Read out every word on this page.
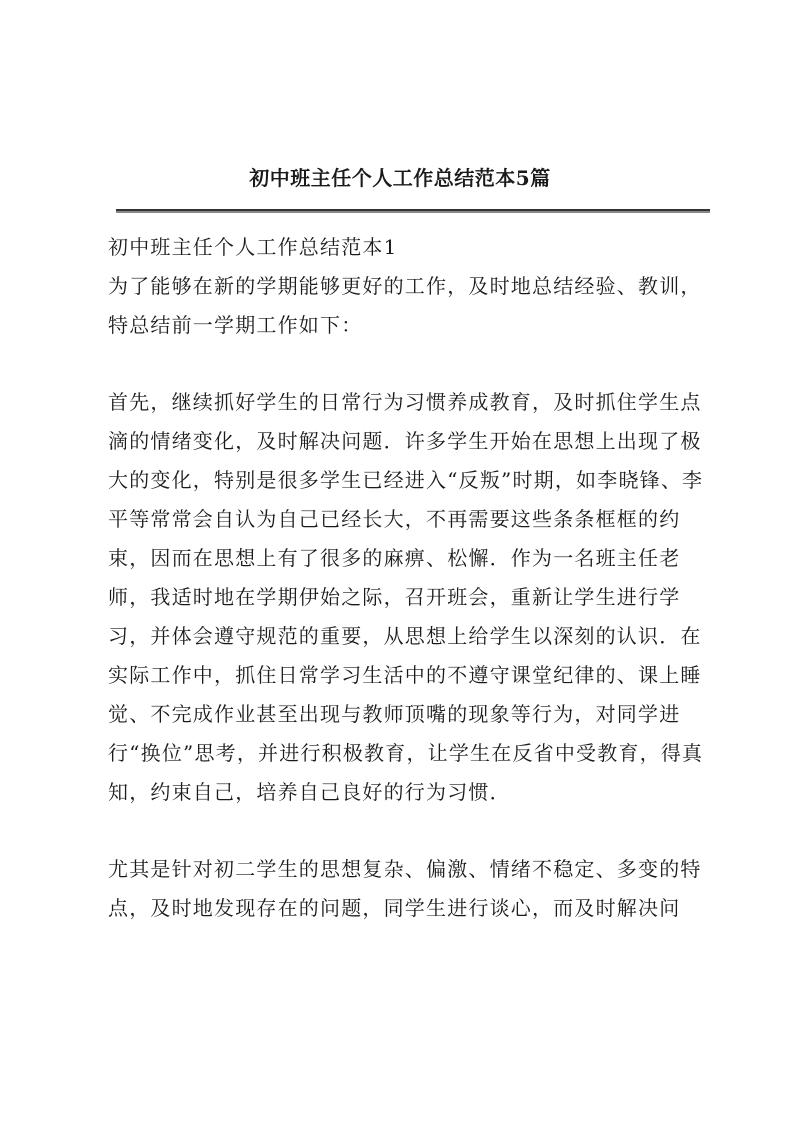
初中班主任个人工作总结范本5篇

初中班主任个人工作总结范本1

为了能够在新的学期能够更好的工作，及时地总结经验、教训，特总结前一学期工作如下：

首先，继续抓好学生的日常行为习惯养成教育，及时抓住学生点滴的情绪变化，及时解决问题．许多学生开始在思想上出现了极大的变化，特别是很多学生已经进入“反叛”时期，如李晓锋、李平等常常会自认为自己已经长大，不再需要这些条条框框的约束，因而在思想上有了很多的麻痹、松懈．作为一名班主任老师，我适时地在学期伊始之际，召开班会，重新让学生进行学习，并体会遵守规范的重要，从思想上给学生以深刻的认识．在实际工作中，抓住日常学习生活中的不遵守课堂纪律的、课上睡觉、不完成作业甚至出现与教师顶嘴的现象等行为，对同学进行“换位”思考，并进行积极教育，让学生在反省中受教育，得真知，约束自己，培养自己良好的行为习惯．

尤其是针对初二学生的思想复杂、偏激、情绪不稳定、多变的特点，及时地发现存在的问题，同学生进行谈心，而及时解决问
